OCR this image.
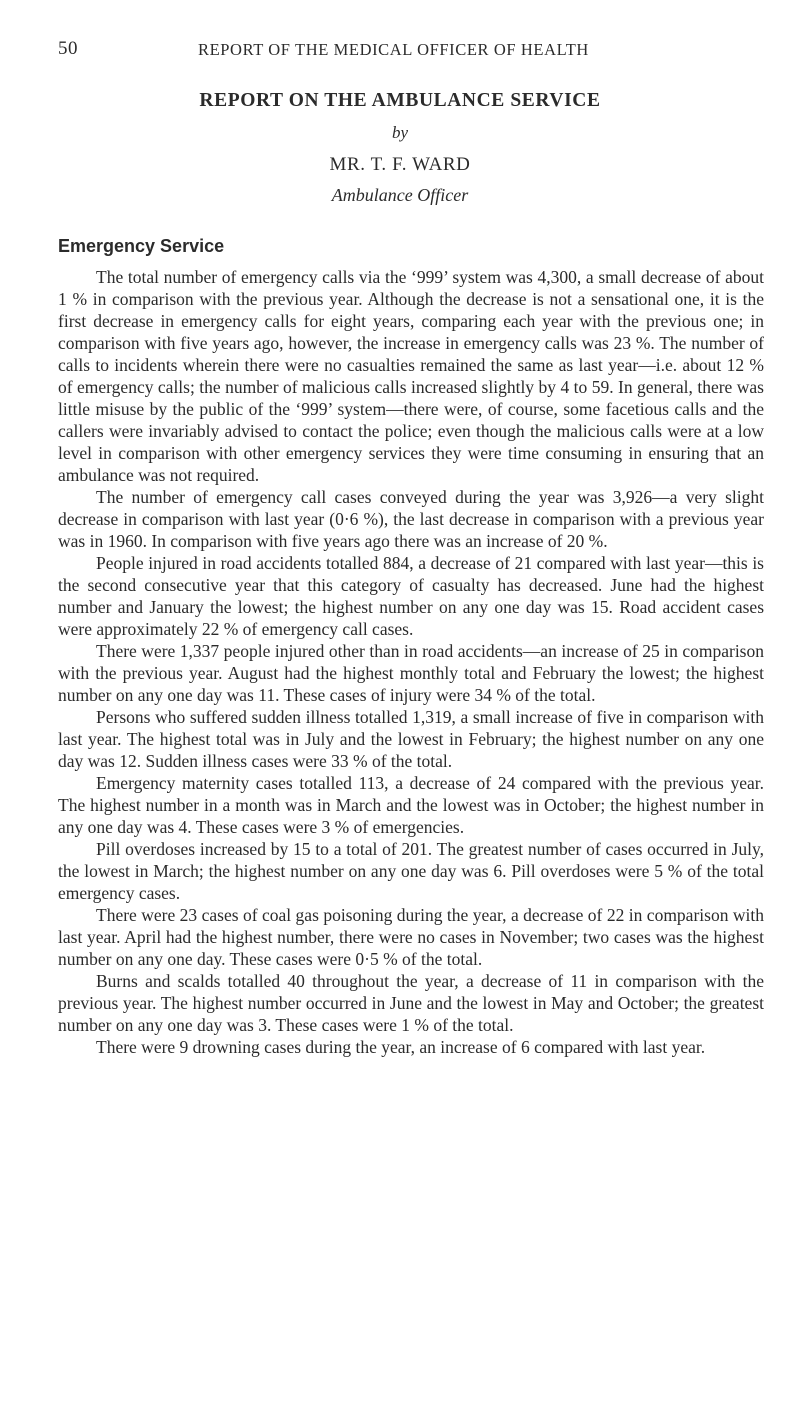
50	REPORT OF THE MEDICAL OFFICER OF HEALTH
REPORT ON THE AMBULANCE SERVICE
by
MR. T. F. WARD
Ambulance Officer
Emergency Service

The total number of emergency calls via the ‘999’ system was 4,300, a small decrease of about 1 % in comparison with the previous year. Although the decrease is not a sensational one, it is the first decrease in emergency calls for eight years, comparing each year with the previous one; in comparison with five years ago, however, the increase in emergency calls was 23 %. The number of calls to incidents wherein there were no casualties remained the same as last year—i.e. about 12 % of emergency calls; the number of malicious calls increased slightly by 4 to 59. In general, there was little misuse by the public of the ‘999’ system—there were, of course, some facetious calls and the callers were invariably advised to contact the police; even though the malicious calls were at a low level in comparison with other emergency services they were time consuming in ensuring that an ambulance was not required.

The number of emergency call cases conveyed during the year was 3,926—a very slight decrease in comparison with last year (0·6 %), the last decrease in comparison with a previous year was in 1960. In comparison with five years ago there was an increase of 20 %.

People injured in road accidents totalled 884, a decrease of 21 compared with last year—this is the second consecutive year that this category of casualty has decreased. June had the highest number and January the lowest; the highest number on any one day was 15. Road accident cases were approximately 22 % of emergency call cases.

There were 1,337 people injured other than in road accidents—an increase of 25 in comparison with the previous year. August had the highest monthly total and February the lowest; the highest number on any one day was 11. These cases of injury were 34 % of the total.

Persons who suffered sudden illness totalled 1,319, a small increase of five in comparison with last year. The highest total was in July and the lowest in February; the highest number on any one day was 12. Sudden illness cases were 33 % of the total.

Emergency maternity cases totalled 113, a decrease of 24 compared with the previous year. The highest number in a month was in March and the lowest was in October; the highest number in any one day was 4. These cases were 3 % of emergencies.

Pill overdoses increased by 15 to a total of 201. The greatest number of cases occurred in July, the lowest in March; the highest number on any one day was 6. Pill overdoses were 5 % of the total emergency cases.

There were 23 cases of coal gas poisoning during the year, a decrease of 22 in comparison with last year. April had the highest number, there were no cases in November; two cases was the highest number on any one day. These cases were 0·5 % of the total.

Burns and scalds totalled 40 throughout the year, a decrease of 11 in comparison with the previous year. The highest number occurred in June and the lowest in May and October; the greatest number on any one day was 3. These cases were 1 % of the total.

There were 9 drowning cases during the year, an increase of 6 compared with last year.
